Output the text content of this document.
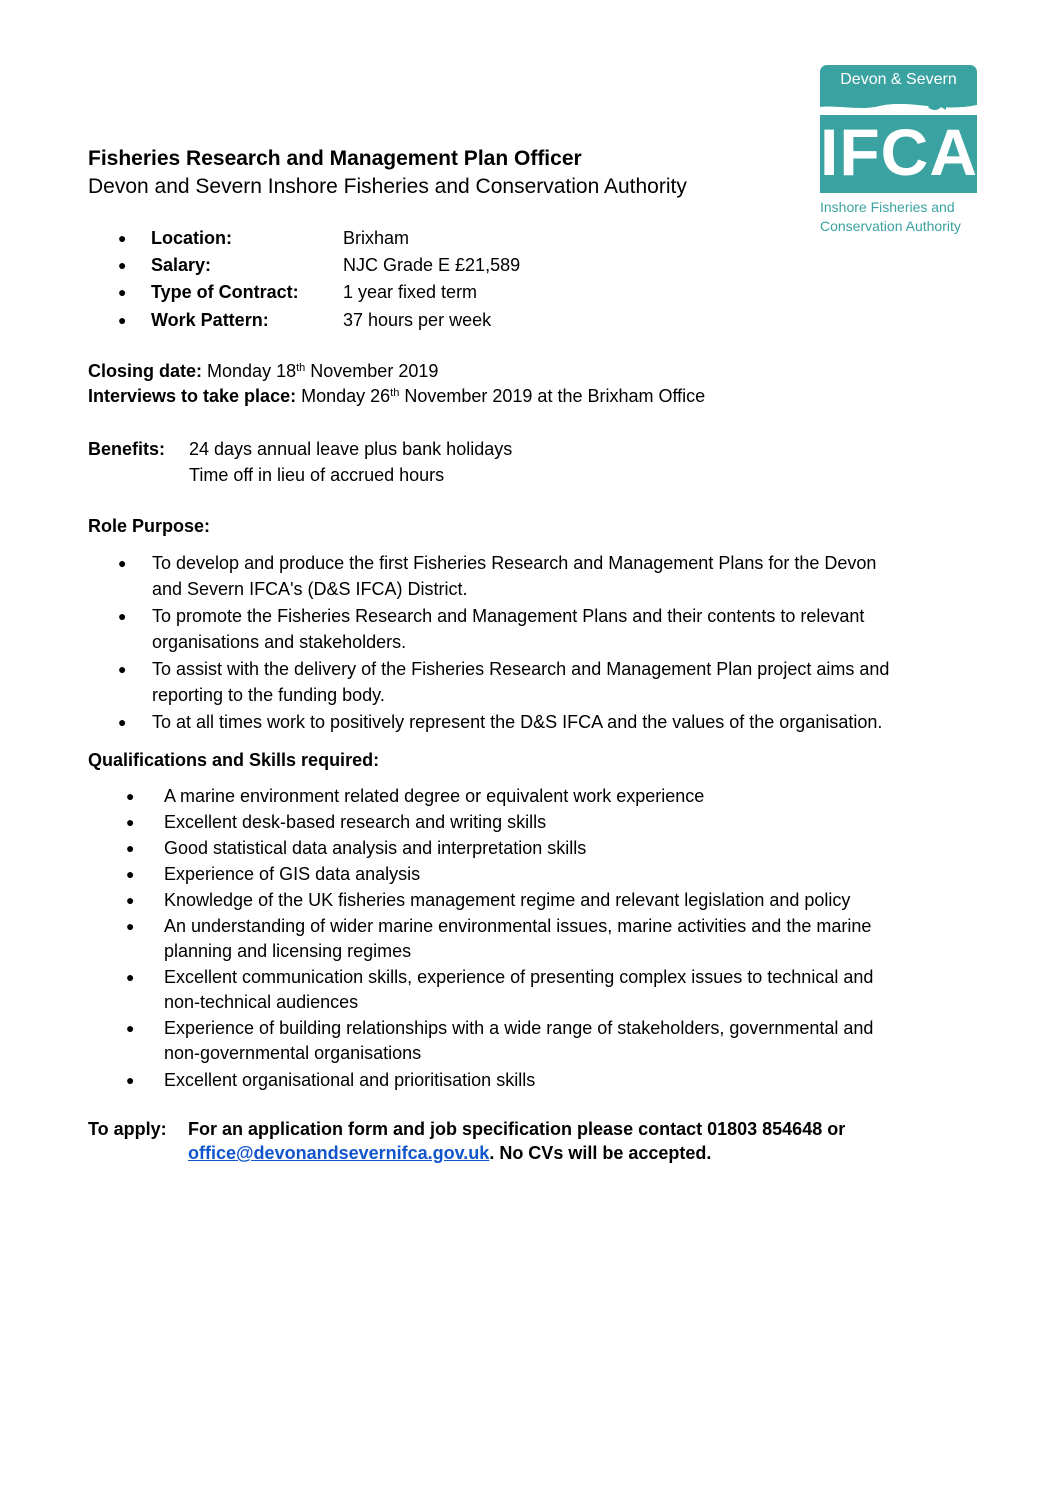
Devon & Severn
IFCA
Inshore Fisheries and
Conservation Authority
Fisheries Research and Management Plan Officer
Devon and Severn Inshore Fisheries and Conservation Authority
● Location:	Brixham
● Salary:	NJC Grade E £21,589
● Type of Contract: 1 year fixed term
● Work Pattern:	37 hours per week
Closing date: Monday 18th November 2019
Interviews to take place: Monday 26th November 2019 at the Brixham Office
Benefits: 24 days annual leave plus bank holidays
Time off in lieu of accrued hours
Role Purpose:
● To develop and produce the first Fisheries Research and Management Plans for the Devon
and Severn IFCA's (D&S IFCA) District.
● To promote the Fisheries Research and Management Plans and their contents to relevant
organisations and stakeholders.
● To assist with the delivery of the Fisheries Research and Management Plan project aims and
reporting to the funding body.
● To at all times work to positively represent the D&S IFCA and the values of the organisation.
Qualifications and Skills required:
● A marine environment related degree or equivalent work experience
● Excellent desk-based research and writing skills
● Good statistical data analysis and interpretation skills
● Experience of GIS data analysis
● Knowledge of the UK fisheries management regime and relevant legislation and policy
● An understanding of wider marine environmental issues, marine activities and the marine
planning and licensing regimes
● Excellent communication skills, experience of presenting complex issues to technical and
non-technical audiences
● Experience of building relationships with a wide range of stakeholders, governmental and
non-governmental organisations
● Excellent organisational and prioritisation skills
To apply: For an application form and job specification please contact 01803 854648 or
office@devonandsevernifca.gov.uk. No CVs will be accepted.
